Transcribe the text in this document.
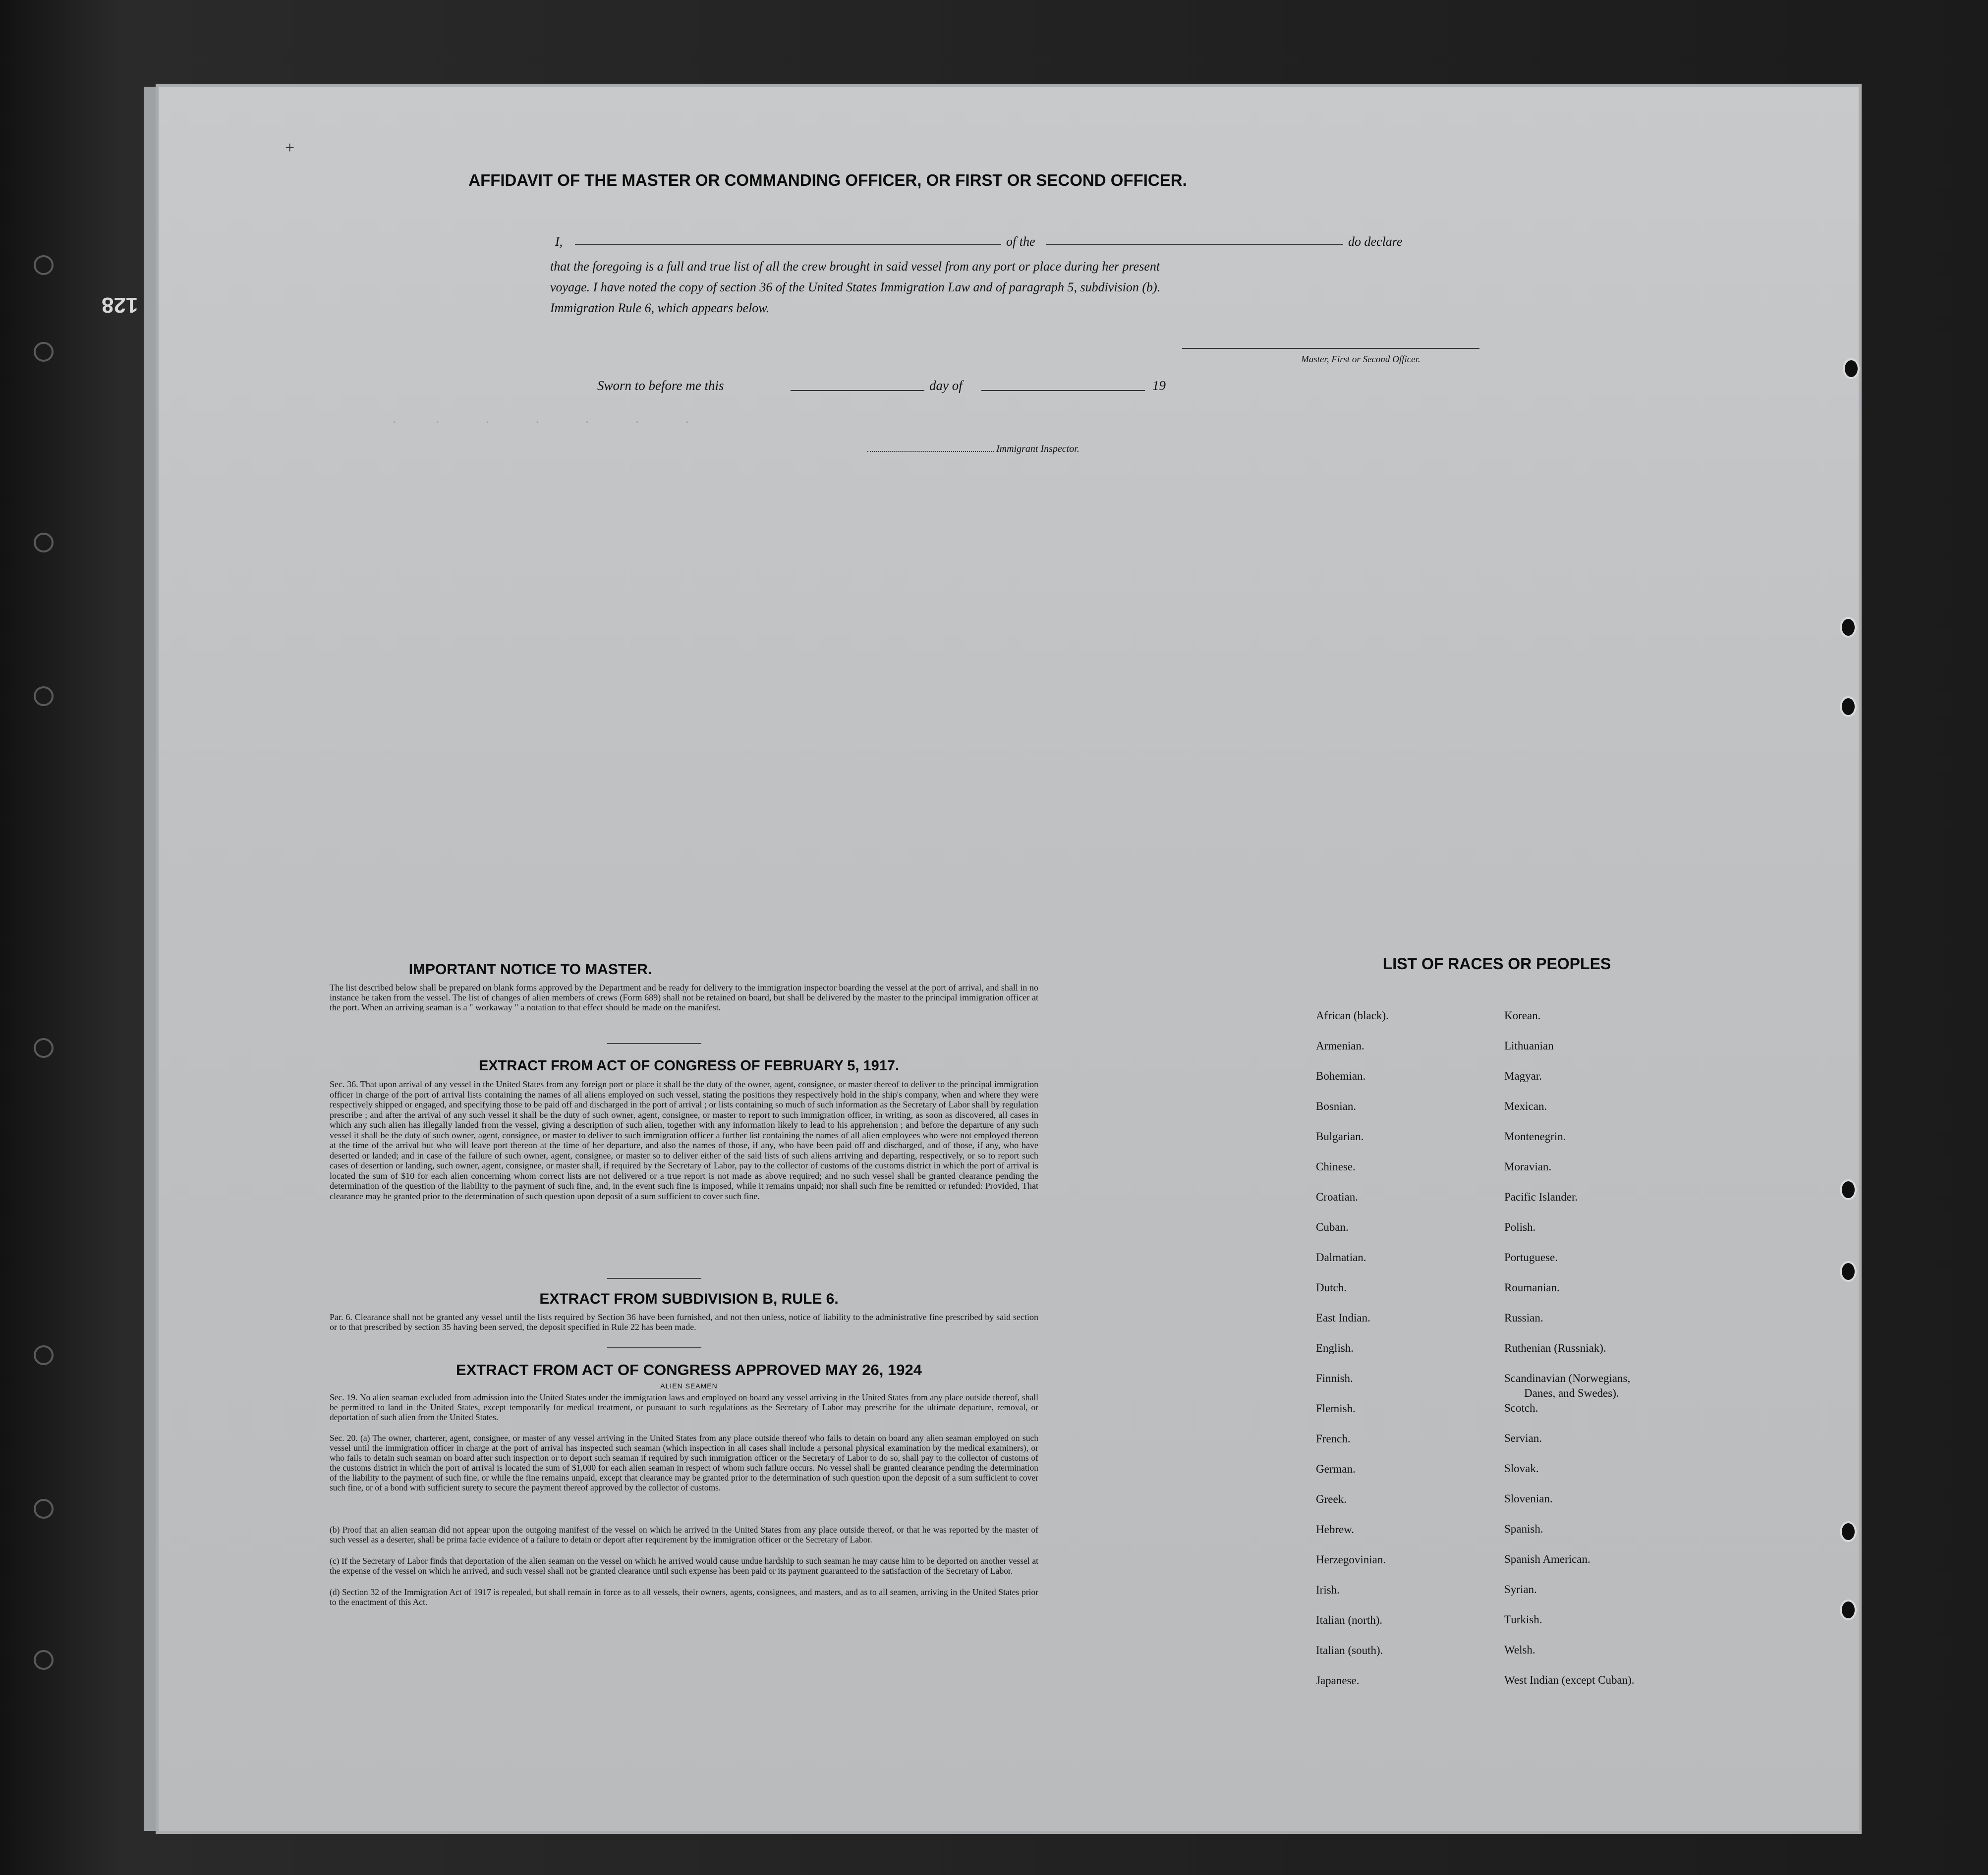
.     .      .      .      .      .      .
AFFIDAVIT OF THE MASTER OR COMMANDING OFFICER, OR FIRST OR SECOND OFFICER.
I,	of the	do declare
that the foregoing is a full and true list of all the crew brought in said vessel from any port or place during her present
voyage. I have noted the copy of section 36 of the United States Immigration Law and of paragraph 5, subdivision (b).
Immigration Rule 6, which appears below.
Master, First or Second Officer.
Sworn to before me this	day of	19
Immigrant Inspector.
IMPORTANT NOTICE TO MASTER.
The list described below shall be prepared on blank forms approved by the Department and be ready for delivery to the immigration inspector boarding the vessel at the port of arrival, and shall in no instance be taken from the vessel. The list of changes of alien members of crews (Form 689) shall not be retained on board, but shall be delivered by the master to the principal immigration officer at the port. When an arriving seaman is a " workaway " a notation to that effect should be made on the manifest.
EXTRACT FROM ACT OF CONGRESS OF FEBRUARY 5, 1917.
Sec. 36. That upon arrival of any vessel in the United States from any foreign port or place it shall be the duty of the owner, agent, consignee, or master thereof to deliver to the principal immigration officer in charge of the port of arrival lists containing the names of all aliens employed on such vessel, stating the positions they respectively hold in the ship's company, when and where they were respectively shipped or engaged, and specifying those to be paid off and discharged in the port of arrival ; or lists containing so much of such information as the Secretary of Labor shall by regulation prescribe ; and after the arrival of any such vessel it shall be the duty of such owner, agent, consignee, or master to report to such immigration officer, in writing, as soon as discovered, all cases in which any such alien has illegally landed from the vessel, giving a description of such alien, together with any information likely to lead to his apprehension ; and before the departure of any such vessel it shall be the duty of such owner, agent, consignee, or master to deliver to such immigration officer a further list containing the names of all alien employees who were not employed thereon at the time of the arrival but who will leave port thereon at the time of her departure, and also the names of those, if any, who have been paid off and discharged, and of those, if any, who have deserted or landed; and in case of the failure of such owner, agent, consignee, or master so to deliver either of the said lists of such aliens arriving and departing, respectively, or so to report such cases of desertion or landing, such owner, agent, consignee, or master shall, if required by the Secretary of Labor, pay to the collector of customs of the customs district in which the port of arrival is located the sum of $10 for each alien concerning whom correct lists are not delivered or a true report is not made as above required; and no such vessel shall be granted clearance pending the determination of the question of the liability to the payment of such fine, and, in the event such fine is imposed, while it remains unpaid; nor shall such fine be remitted or refunded: Provided, That clearance may be granted prior to the determination of such question upon deposit of a sum sufficient to cover such fine.
EXTRACT FROM SUBDIVISION B, RULE 6.
Par. 6. Clearance shall not be granted any vessel until the lists required by Section 36 have been furnished, and not then unless, notice of liability to the administrative fine prescribed by said section or to that prescribed by section 35 having been served, the deposit specified in Rule 22 has been made.
EXTRACT FROM ACT OF CONGRESS APPROVED MAY 26, 1924
ALIEN SEAMEN
Sec. 19. No alien seaman excluded from admission into the United States under the immigration laws and employed on board any vessel arriving in the United States from any place outside thereof, shall be permitted to land in the United States, except temporarily for medical treatment, or pursuant to such regulations as the Secretary of Labor may prescribe for the ultimate departure, removal, or deportation of such alien from the United States.
Sec. 20. (a) The owner, charterer, agent, consignee, or master of any vessel arriving in the United States from any place outside thereof who fails to detain on board any alien seaman employed on such vessel until the immigration officer in charge at the port of arrival has inspected such seaman (which inspection in all cases shall include a personal physical examination by the medical examiners), or who fails to detain such seaman on board after such inspection or to deport such seaman if required by such immigration officer or the Secretary of Labor to do so, shall pay to the collector of customs of the customs district in which the port of arrival is located the sum of $1,000 for each alien seaman in respect of whom such failure occurs. No vessel shall be granted clearance pending the determination of the liability to the payment of such fine, or while the fine remains unpaid, except that clearance may be granted prior to the determination of such question upon the deposit of a sum sufficient to cover such fine, or of a bond with sufficient surety to secure the payment thereof approved by the collector of customs.
(b) Proof that an alien seaman did not appear upon the outgoing manifest of the vessel on which he arrived in the United States from any place outside thereof, or that he was reported by the master of such vessel as a deserter, shall be prima facie evidence of a failure to detain or deport after requirement by the immigration officer or the Secretary of Labor.
(c) If the Secretary of Labor finds that deportation of the alien seaman on the vessel on which he arrived would cause undue hardship to such seaman he may cause him to be deported on another vessel at the expense of the vessel on which he arrived, and such vessel shall not be granted clearance until such expense has been paid or its payment guaranteed to the satisfaction of the Secretary of Labor.
(d) Section 32 of the Immigration Act of 1917 is repealed, but shall remain in force as to all vessels, their owners, agents, consignees, and masters, and as to all seamen, arriving in the United States prior to the enactment of this Act.
LIST OF RACES OR PEOPLES
African (black).
Armenian.
Bohemian.
Bosnian.
Bulgarian.
Chinese.
Croatian.
Cuban.
Dalmatian.
Dutch.
East Indian.
English.
Finnish.
Flemish.
French.
German.
Greek.
Hebrew.
Herzegovinian.
Irish.
Italian (north).
Italian (south).
Japanese.
Korean.
Lithuanian
Magyar.
Mexican.
Montenegrin.
Moravian.
Pacific Islander.
Polish.
Portuguese.
Roumanian.
Russian.
Ruthenian (Russniak).
Scandinavian (Norwegians,
Danes, and Swedes).
Scotch.
Servian.
Slovak.
Slovenian.
Spanish.
Spanish American.
Syrian.
Turkish.
Welsh.
West Indian (except Cuban).
+
128
